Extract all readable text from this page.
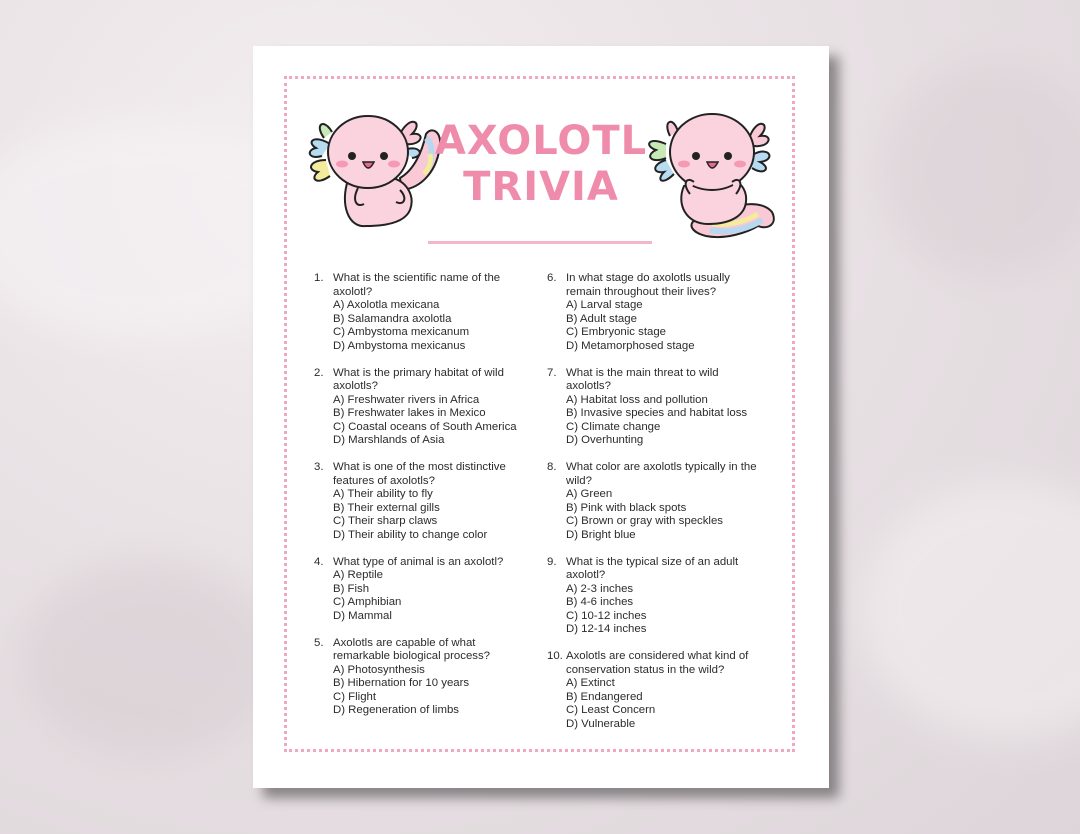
AXOLOTL
TRIVIA
1. What is the scientific name of the axolotl?
A) Axolotla mexicana
B) Salamandra axolotla
C) Ambystoma mexicanum
D) Ambystoma mexicanus
2. What is the primary habitat of wild axolotls?
A) Freshwater rivers in Africa
B) Freshwater lakes in Mexico
C) Coastal oceans of South America
D) Marshlands of Asia
3. What is one of the most distinctive features of axolotls?
A) Their ability to fly
B) Their external gills
C) Their sharp claws
D) Their ability to change color
4. What type of animal is an axolotl?
A) Reptile
B) Fish
C) Amphibian
D) Mammal
5. Axolotls are capable of what remarkable biological process?
A) Photosynthesis
B) Hibernation for 10 years
C) Flight
D) Regeneration of limbs
6. In what stage do axolotls usually remain throughout their lives?
A) Larval stage
B) Adult stage
C) Embryonic stage
D) Metamorphosed stage
7. What is the main threat to wild axolotls?
A) Habitat loss and pollution
B) Invasive species and habitat loss
C) Climate change
D) Overhunting
8. What color are axolotls typically in the wild?
A) Green
B) Pink with black spots
C) Brown or gray with speckles
D) Bright blue
9. What is the typical size of an adult axolotl?
A) 2-3 inches
B) 4-6 inches
C) 10-12 inches
D) 12-14 inches
10. Axolotls are considered what kind of conservation status in the wild?
A) Extinct
B) Endangered
C) Least Concern
D) Vulnerable
